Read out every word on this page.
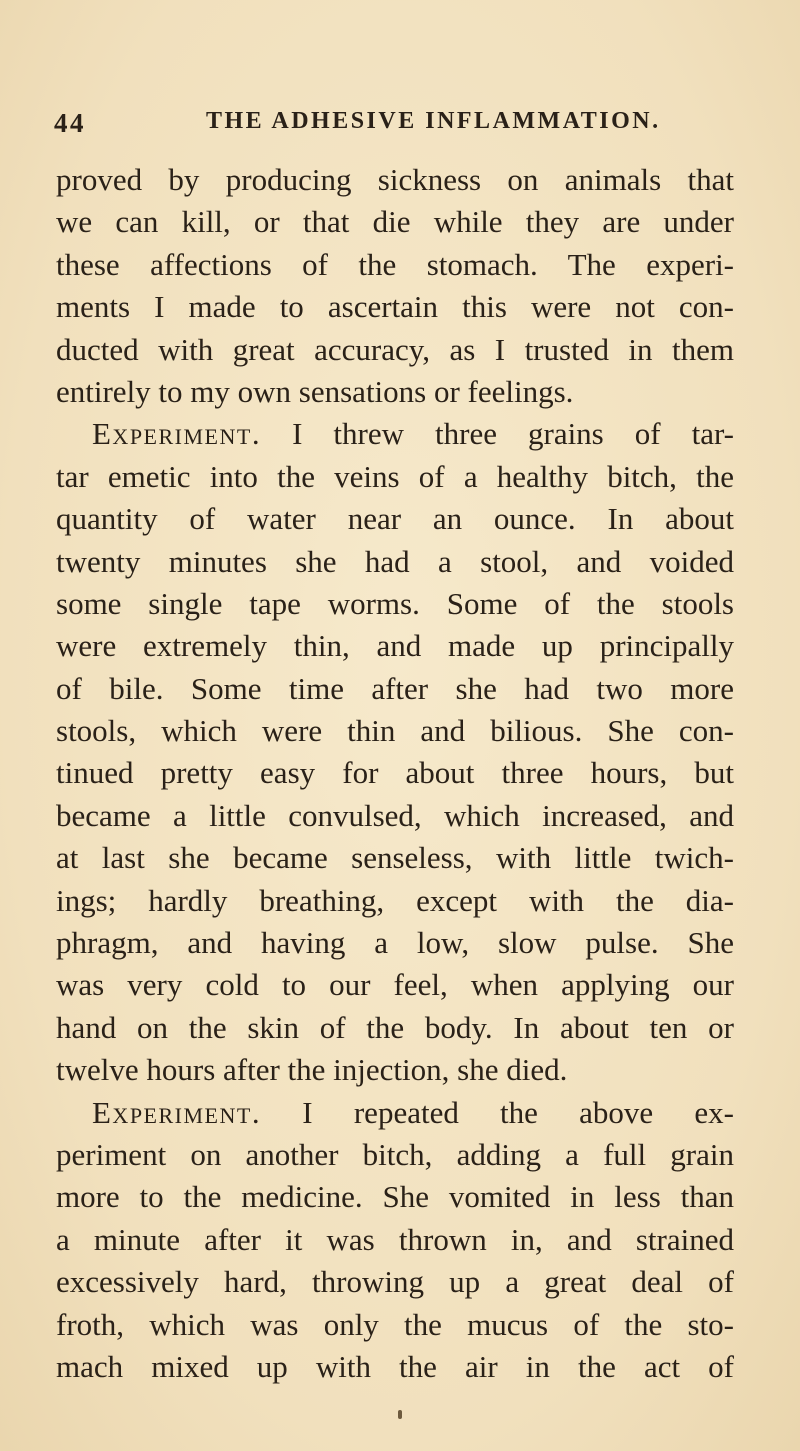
44	THE ADHESIVE INFLAMMATION.
proved by producing sickness on animals that
we can kill, or that die while they are under
these affections of the stomach. The experi-
ments I made to ascertain this were not con-
ducted with great accuracy, as I trusted in them
entirely to my own sensations or feelings.
Experiment. I threw three grains of tar-
tar emetic into the veins of a healthy bitch, the
quantity of water near an ounce. In about
twenty minutes she had a stool, and voided
some single tape worms. Some of the stools
were extremely thin, and made up principally
of bile. Some time after she had two more
stools, which were thin and bilious. She con-
tinued pretty easy for about three hours, but
became a little convulsed, which increased, and
at last she became senseless, with little twich-
ings; hardly breathing, except with the dia-
phragm, and having a low, slow pulse. She
was very cold to our feel, when applying our
hand on the skin of the body. In about ten or
twelve hours after the injection, she died.
Experiment. I repeated the above ex-
periment on another bitch, adding a full grain
more to the medicine. She vomited in less than
a minute after it was thrown in, and strained
excessively hard, throwing up a great deal of
froth, which was only the mucus of the sto-
mach mixed up with the air in the act of
